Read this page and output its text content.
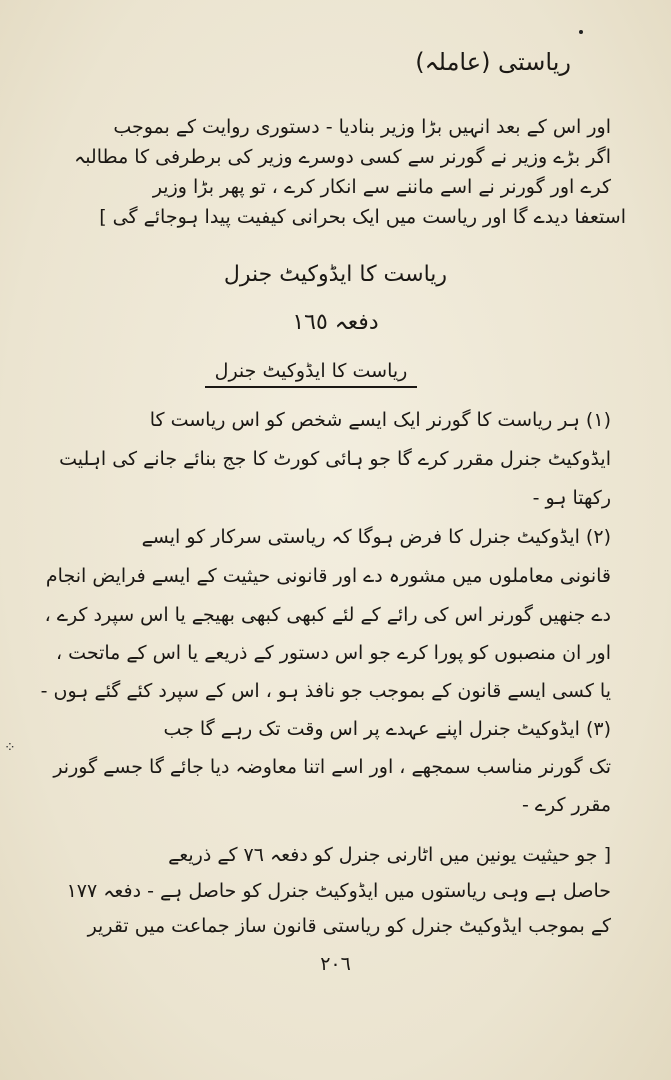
⁘
ریاستی (عاملہ)
اور اس کے بعد انہیں بڑا وزیر بنادیا - دستوری روایت کے بموجب
اگر بڑے وزیر نے گورنر سے کسی دوسرے وزیر کی برطرفی کا مطالبہ
کرے اور گورنر نے اسے ماننے سے انکار کرے ، تو پھر بڑا وزیر
استعفا دیدے گا اور ریاست میں ایک بحرانی کیفیت پیدا ہوجائے گی ]
ریاست کا ایڈوکیٹ جنرل
دفعہ ١٦٥
ریاست کا ایڈوکیٹ جنرل
(١) ہر ریاست کا گورنر ایک ایسے شخص کو اس ریاست کا
ایڈوکیٹ جنرل مقرر کرے گا جو ہائی کورٹ کا جج بنائے جانے کی اہلیت
رکھتا ہو -
(٢) ایڈوکیٹ جنرل کا فرض ہوگا کہ ریاستی سرکار کو ایسے
قانونی معاملوں میں مشورہ دے اور قانونی حیثیت کے ایسے فرایض انجام
دے جنھیں گورنر اس کی رائے کے لئے کبھی کبھی بھیجے یا اس سپرد کرے ،
اور ان منصبوں کو پورا کرے جو اس دستور کے ذریعے یا اس کے ماتحت ،
یا کسی ایسے قانون کے بموجب جو نافذ ہو ، اس کے سپرد کئے گئے ہوں -
(٣) ایڈوکیٹ جنرل اپنے عہدے پر اس وقت تک رہے گا جب
تک گورنر مناسب سمجھے ، اور اسے اتنا معاوضہ دیا جائے گا جسے گورنر
مقرر کرے -
[ جو حیثیت یونین میں اٹارنی جنرل کو دفعہ ٧٦ کے ذریعے
حاصل ہے وہی ریاستوں میں ایڈوکیٹ جنرل کو حاصل ہے - دفعہ ١٧٧
کے بموجب ایڈوکیٹ جنرل کو ریاستی قانون ساز جماعت میں تقریر
٢٠٦
